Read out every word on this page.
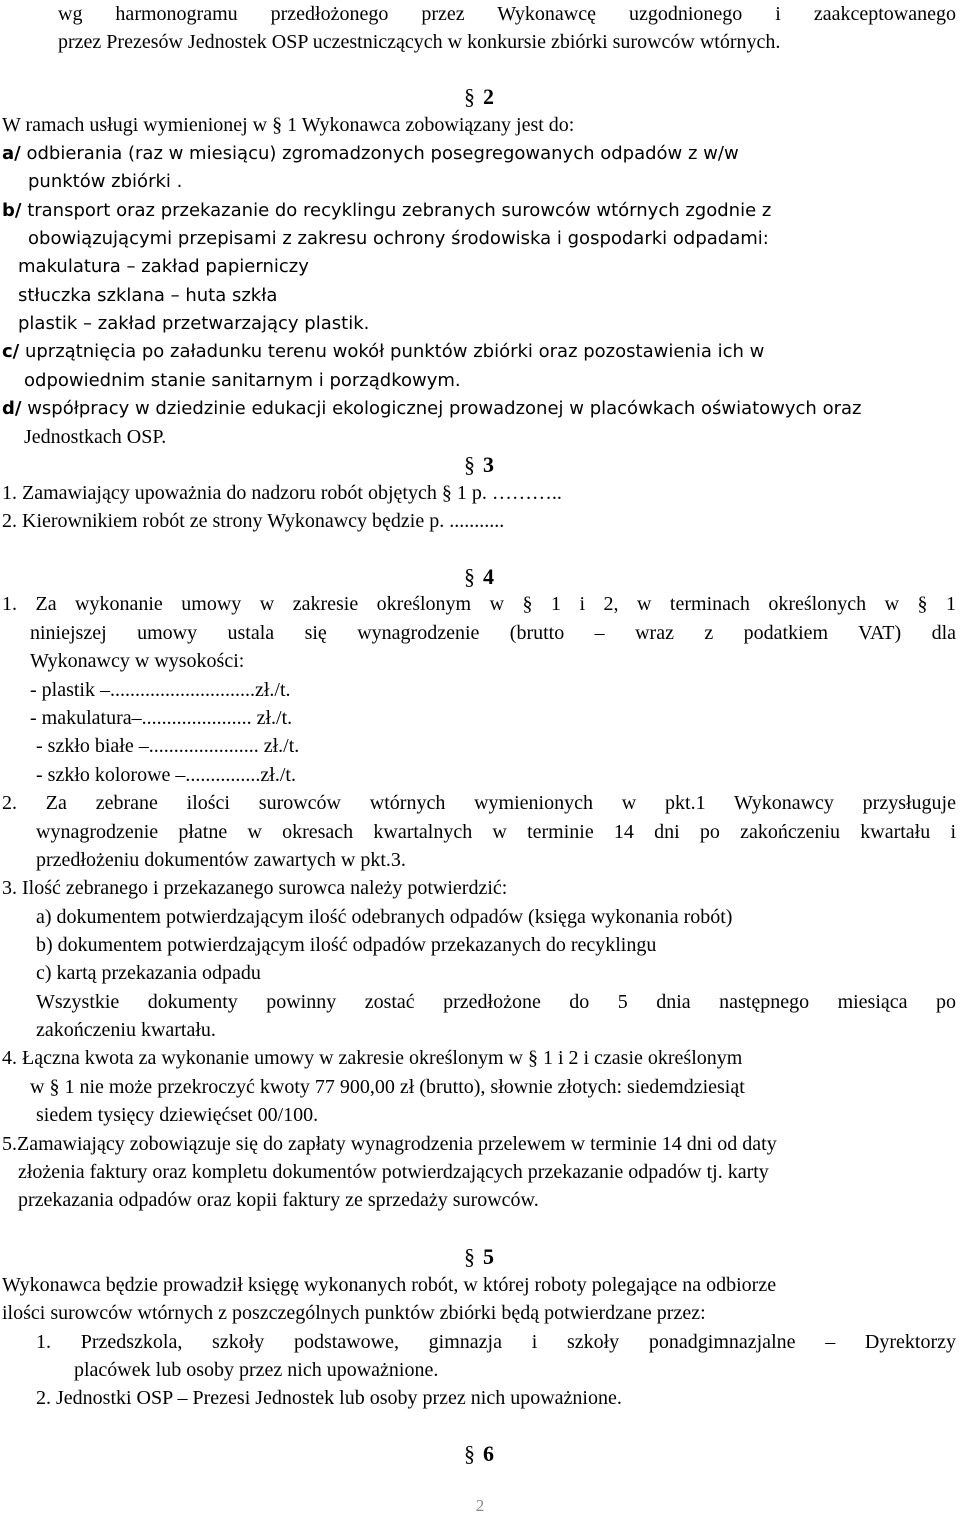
wg harmonogramu przedłożonego przez Wykonawcę uzgodnionego i zaakceptowanego
przez Prezesów Jednostek OSP uczestniczących w konkursie zbiórki surowców wtórnych.
W ramach usługi wymienionej w § 1 Wykonawca zobowiązany jest do:
a/ odbierania (raz w miesiącu) zgromadzonych posegregowanych odpadów z w/w
punktów zbiórki .
b/ transport oraz przekazanie do recyklingu zebranych surowców wtórnych zgodnie z
obowiązującymi przepisami z zakresu ochrony środowiska i gospodarki odpadami:
makulatura – zakład papierniczy
stłuczka szklana – huta szkła
plastik – zakład przetwarzający plastik.
c/ uprzątnięcia po załadunku terenu wokół punktów zbiórki oraz pozostawienia ich w
odpowiednim stanie sanitarnym i porządkowym.
d/ współpracy w dziedzinie edukacji ekologicznej prowadzonej w placówkach oświatowych oraz
Jednostkach OSP.
1. Zamawiający upoważnia do nadzoru robót objętych § 1 p. ………..
2. Kierownikiem robót ze strony Wykonawcy będzie p. ...........
1. Za wykonanie umowy w zakresie określonym w § 1 i 2, w terminach określonych w § 1
niniejszej umowy ustala się wynagrodzenie (brutto – wraz z podatkiem VAT) dla
Wykonawcy w wysokości:
- plastik –.............................zł./t.
- makulatura–...................... zł./t.
- szkło białe –...................... zł./t.
- szkło kolorowe –...............zł./t.
2. Za zebrane ilości surowców wtórnych wymienionych w pkt.1 Wykonawcy przysługuje
wynagrodzenie płatne w okresach kwartalnych w terminie 14 dni po zakończeniu kwartału i
przedłożeniu dokumentów zawartych w pkt.3.
3. Ilość zebranego i przekazanego surowca należy potwierdzić:
a) dokumentem potwierdzającym ilość odebranych odpadów (księga wykonania robót)
b) dokumentem potwierdzającym ilość odpadów przekazanych do recyklingu
c) kartą przekazania odpadu
Wszystkie dokumenty powinny zostać przedłożone do 5 dnia następnego miesiąca po
zakończeniu kwartału.
4. Łączna kwota za wykonanie umowy w zakresie określonym w § 1 i 2 i czasie określonym
w § 1 nie może przekroczyć kwoty 77 900,00 zł (brutto), słownie złotych: siedemdziesiąt
siedem tysięcy dziewięćset 00/100.
5.Zamawiający zobowiązuje się do zapłaty wynagrodzenia przelewem w terminie 14 dni od daty
złożenia faktury oraz kompletu dokumentów potwierdzających przekazanie odpadów tj. karty
przekazania odpadów oraz kopii faktury ze sprzedaży surowców.
Wykonawca będzie prowadził księgę wykonanych robót, w której roboty polegające na odbiorze
ilości surowców wtórnych z poszczególnych punktów zbiórki będą potwierdzane przez:
1. Przedszkola, szkoły podstawowe, gimnazja i szkoły ponadgimnazjalne – Dyrektorzy
placówek lub osoby przez nich upoważnione.
2. Jednostki OSP – Prezesi Jednostek lub osoby przez nich upoważnione.
§ 2
§ 3
§ 4
§ 5
§ 6
2
